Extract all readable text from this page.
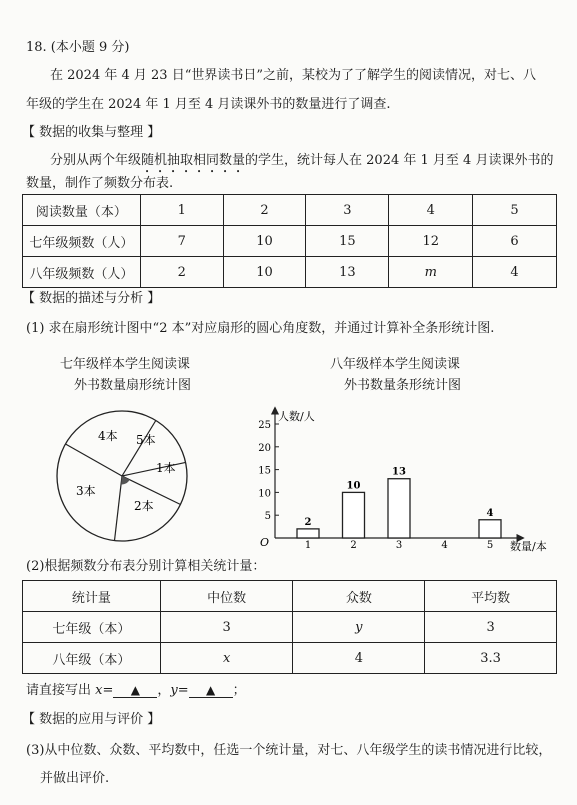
18. (本小题 9 分)
在 2024 年 4 月 23 日“世界读书日”之前，某校为了了解学生的阅读情况，对七、八
年级的学生在 2024 年 1 月至 4 月读课外书的数量进行了调查.
【 数据的收集与整理 】
分别从两个年级随机抽取相同数量的学生，统计每人在 2024 年 1 月至 4 月读课外书的
数量，制作了频数分布表.
阅读数量（本）	1	2	3	4	5
七年级频数（人）	7	10	15	12	6
八年级频数（人）	2	10	13	m	4
【 数据的描述与分析 】
(1) 求在扇形统计图中“2 本”对应扇形的圆心角度数，并通过计算补全条形统计图.
七年级样本学生阅读课
外书数量扇形统计图
八年级样本学生阅读课
外书数量条形统计图
4本 5本
1本
2本
3本
人数/人
数量/本
O
2
10
13
4
5
10
15
20
25
1	2	3	4	5
(2)根据频数分布表分别计算相关统计量：
统计量	中位数	众数	平均数
七年级（本）	3	y	3
八年级（本）	x	4	3.3
请直接写出 x= ▲ ，y= ▲ ；
【 数据的应用与评价 】
(3)从中位数、众数、平均数中，任选一个统计量，对七、八年级学生的读书情况进行比较，
并做出评价.
